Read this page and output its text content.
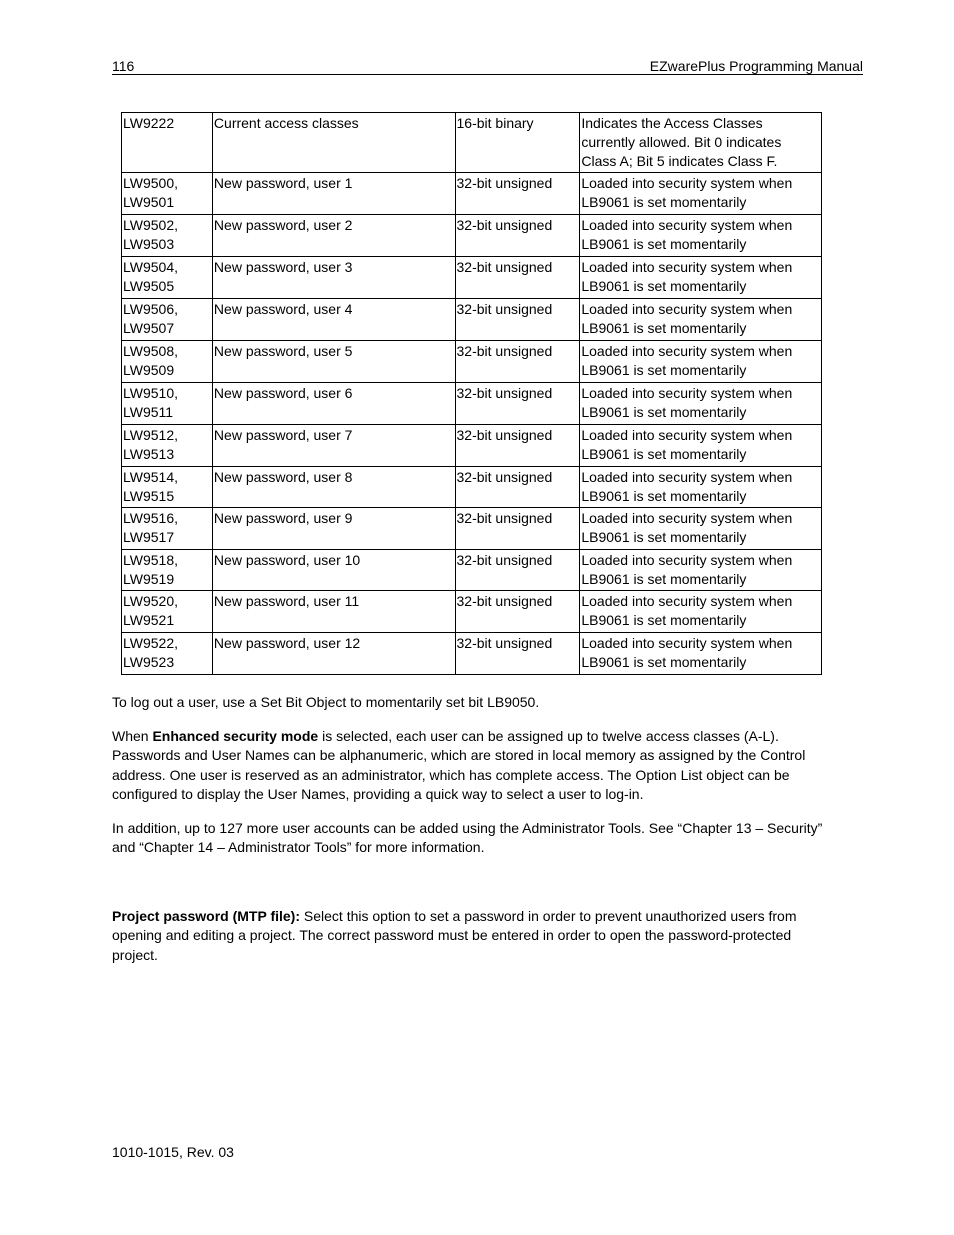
116	EZwarePlus Programming Manual
LW9222	Current access classes	16-bit binary	Indicates the Access Classes currently allowed. Bit 0 indicates Class A; Bit 5 indicates Class F.
LW9500, LW9501	New password, user 1	32-bit unsigned	Loaded into security system when LB9061 is set momentarily
LW9502, LW9503	New password, user 2	32-bit unsigned	Loaded into security system when LB9061 is set momentarily
LW9504, LW9505	New password, user 3	32-bit unsigned	Loaded into security system when LB9061 is set momentarily
LW9506, LW9507	New password, user 4	32-bit unsigned	Loaded into security system when LB9061 is set momentarily
LW9508, LW9509	New password, user 5	32-bit unsigned	Loaded into security system when LB9061 is set momentarily
LW9510, LW9511	New password, user 6	32-bit unsigned	Loaded into security system when LB9061 is set momentarily
LW9512, LW9513	New password, user 7	32-bit unsigned	Loaded into security system when LB9061 is set momentarily
LW9514, LW9515	New password, user 8	32-bit unsigned	Loaded into security system when LB9061 is set momentarily
LW9516, LW9517	New password, user 9	32-bit unsigned	Loaded into security system when LB9061 is set momentarily
LW9518, LW9519	New password, user 10	32-bit unsigned	Loaded into security system when LB9061 is set momentarily
LW9520, LW9521	New password, user 11	32-bit unsigned	Loaded into security system when LB9061 is set momentarily
LW9522, LW9523	New password, user 12	32-bit unsigned	Loaded into security system when LB9061 is set momentarily

To log out a user, use a Set Bit Object to momentarily set bit LB9050.

When Enhanced security mode is selected, each user can be assigned up to twelve access classes (A-L). Passwords and User Names can be alphanumeric, which are stored in local memory as assigned by the Control address. One user is reserved as an administrator, which has complete access. The Option List object can be configured to display the User Names, providing a quick way to select a user to log-in.

In addition, up to 127 more user accounts can be added using the Administrator Tools. See “Chapter 13 – Security” and “Chapter 14 – Administrator Tools” for more information.

Project password (MTP file): Select this option to set a password in order to prevent unauthorized users from opening and editing a project. The correct password must be entered in order to open the password-protected project.

1010-1015, Rev. 03
